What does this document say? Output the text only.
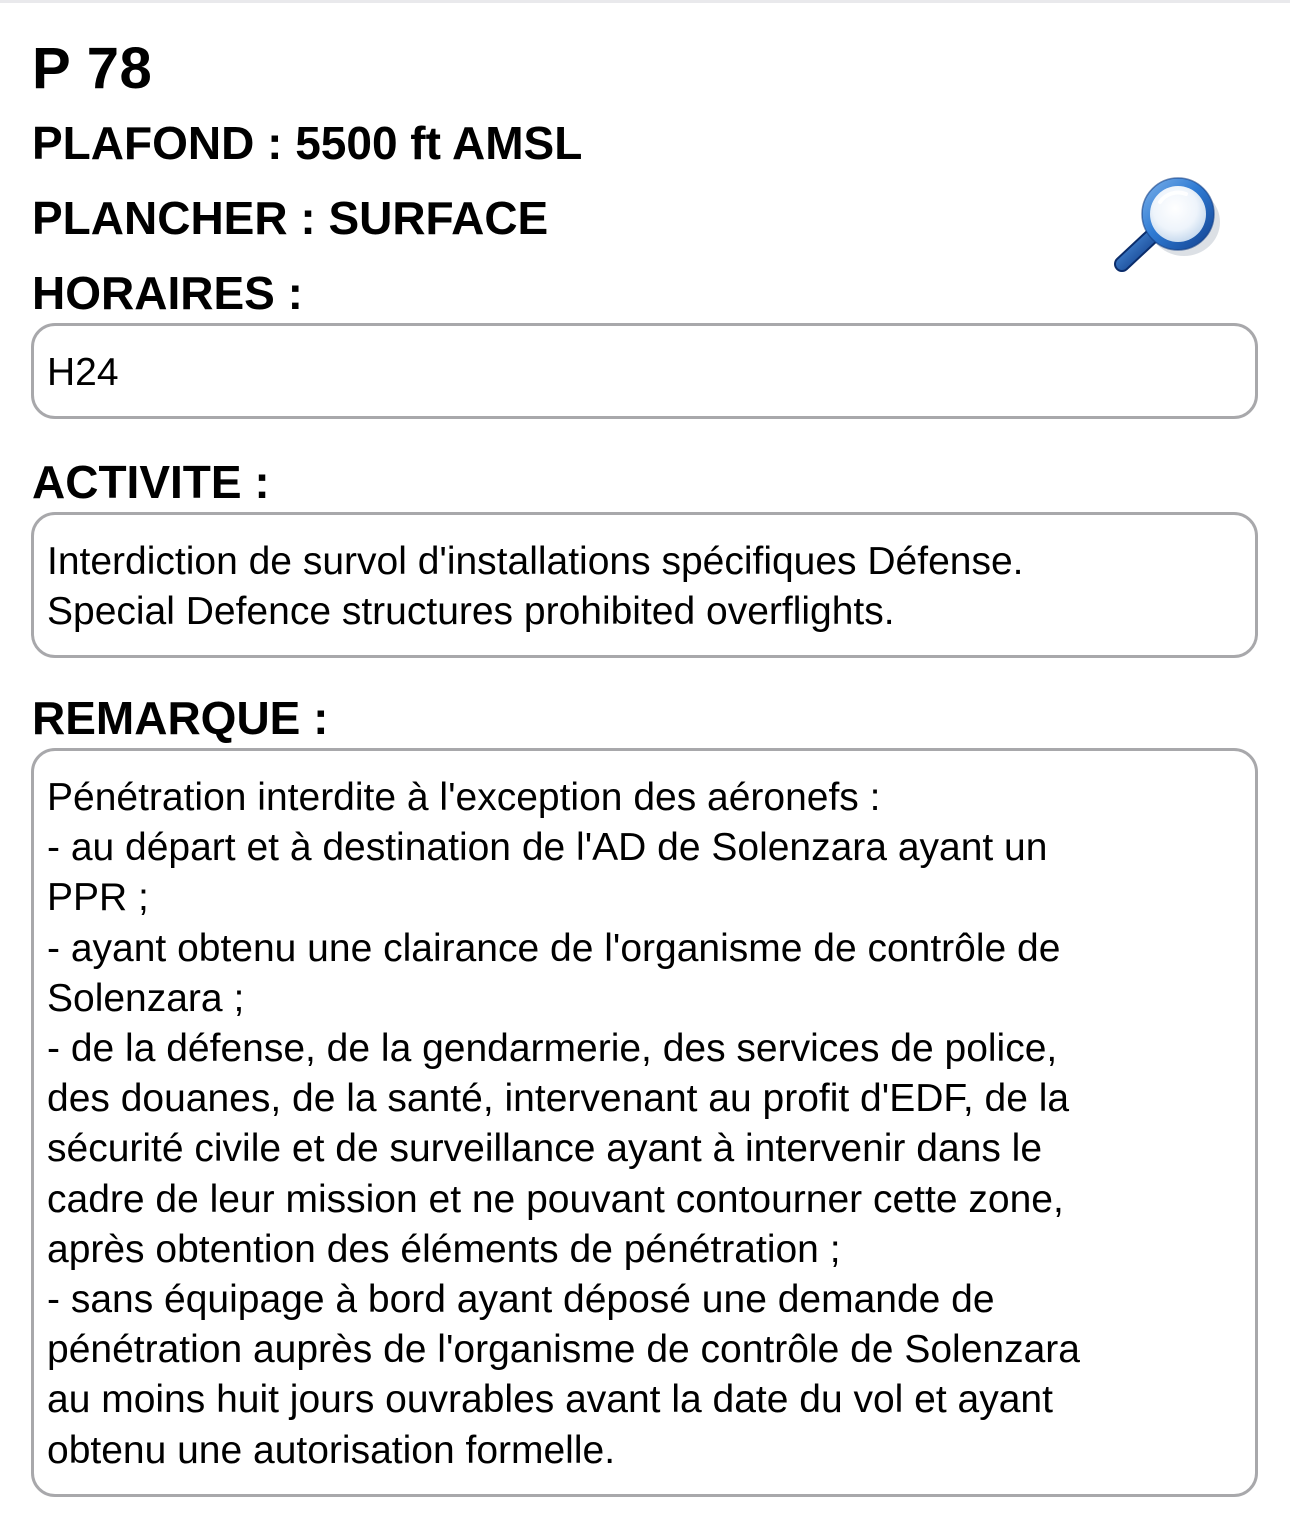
P 78
PLAFOND : 5500 ft AMSL
PLANCHER : SURFACE
HORAIRES :
H24
ACTIVITE :
Interdiction de survol d'installations spécifiques Défense.
Special Defence structures prohibited overflights.
REMARQUE :
Pénétration interdite à l'exception des aéronefs :
- au départ et à destination de l'AD de Solenzara ayant un
PPR ;
- ayant obtenu une clairance de l'organisme de contrôle de
Solenzara ;
- de la défense, de la gendarmerie, des services de police,
des douanes, de la santé, intervenant au profit d'EDF, de la
sécurité civile et de surveillance ayant à intervenir dans le
cadre de leur mission et ne pouvant contourner cette zone,
après obtention des éléments de pénétration ;
- sans équipage à bord ayant déposé une demande de
pénétration auprès de l'organisme de contrôle de Solenzara
au moins huit jours ouvrables avant la date du vol et ayant
obtenu une autorisation formelle.
